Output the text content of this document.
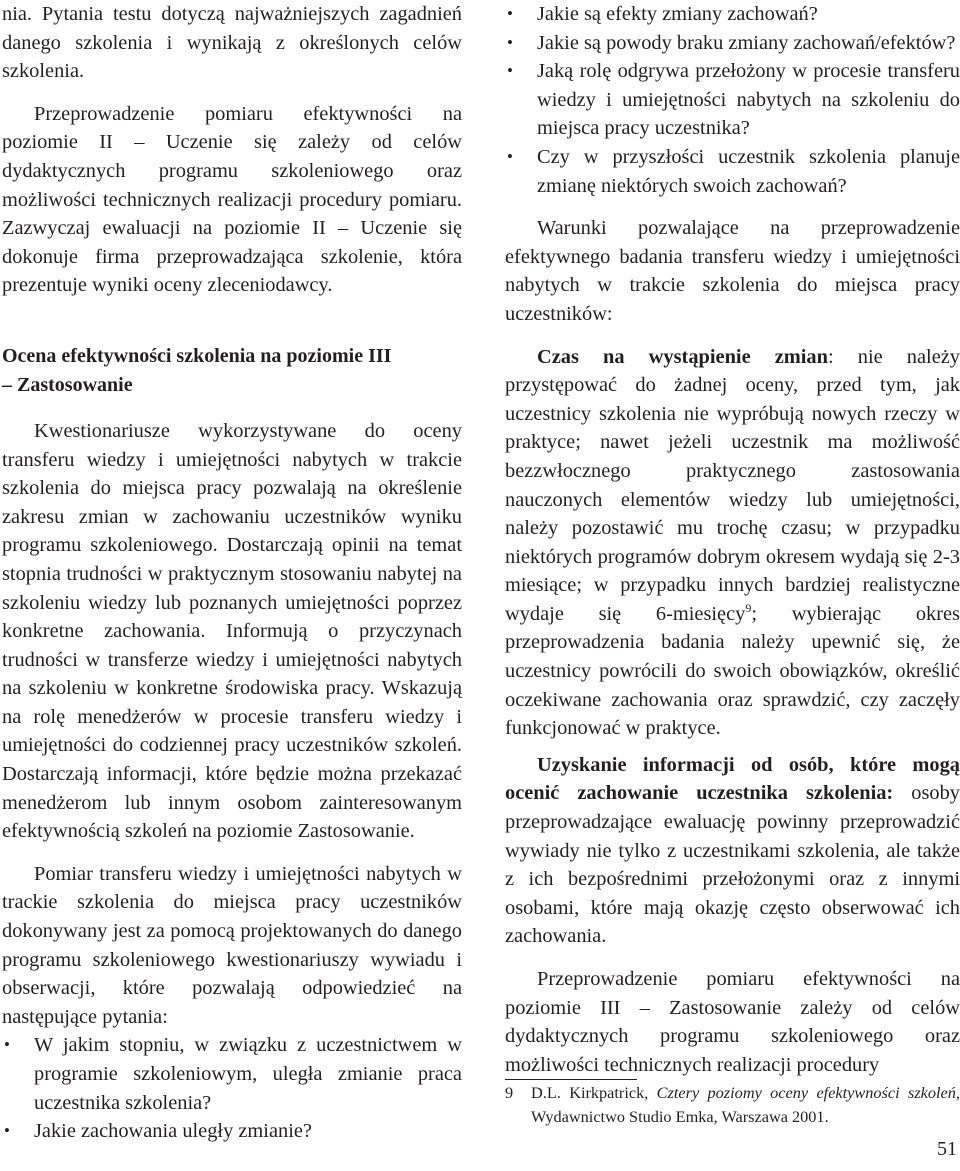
nia. Pytania testu dotyczą najważniejszych zagadnień danego szkolenia i wynikają z określonych celów szkolenia.

Przeprowadzenie pomiaru efektywności na poziomie II – Uczenie się zależy od celów dydaktycznych programu szkoleniowego oraz możliwości technicznych realizacji procedury pomiaru. Zazwyczaj ewaluacji na poziomie II – Uczenie się dokonuje firma przeprowadzająca szkolenie, która prezentuje wyniki oceny zleceniodawcy.

Ocena efektywności szkolenia na poziomie III
– Zastosowanie

Kwestionariusze wykorzystywane do oceny transferu wiedzy i umiejętności nabytych w trakcie szkolenia do miejsca pracy pozwalają na określenie zakresu zmian w zachowaniu uczestników wyniku programu szkoleniowego. Dostarczają opinii na temat stopnia trudności w praktycznym stosowaniu nabytej na szkoleniu wiedzy lub poznanych umiejętności poprzez konkretne zachowania. Informują o przyczynach trudności w transferze wiedzy i umiejętności nabytych na szkoleniu w konkretne środowiska pracy. Wskazują na rolę menedżerów w procesie transferu wiedzy i umiejętności do codziennej pracy uczestników szkoleń. Dostarczają informacji, które będzie można przekazać menedżerom lub innym osobom zainteresowanym efektywnością szkoleń na poziomie Zastosowanie.

Pomiar transferu wiedzy i umiejętności nabytych w trackie szkolenia do miejsca pracy uczestników dokonywany jest za pomocą projektowanych do danego programu szkoleniowego kwestionariuszy wywiadu i obserwacji, które pozwalają odpowiedzieć na następujące pytania:

• W jakim stopniu, w związku z uczestnictwem w programie szkoleniowym, uległa zmianie praca uczestnika szkolenia?
• Jakie zachowania uległy zmianie?
• Jakie są efekty zmiany zachowań?
• Jakie są powody braku zmiany zachowań/efektów?
• Jaką rolę odgrywa przełożony w procesie transferu wiedzy i umiejętności nabytych na szkoleniu do miejsca pracy uczestnika?
• Czy w przyszłości uczestnik szkolenia planuje zmianę niektórych swoich zachowań?

Warunki pozwalające na przeprowadzenie efektywnego badania transferu wiedzy i umiejętności nabytych w trakcie szkolenia do miejsca pracy uczestników:

Czas na wystąpienie zmian: nie należy przystępować do żadnej oceny, przed tym, jak uczestnicy szkolenia nie wypróbują nowych rzeczy w praktyce; nawet jeżeli uczestnik ma możliwość bezzwłocznego praktycznego zastosowania nauczonych elementów wiedzy lub umiejętności, należy pozostawić mu trochę czasu; w przypadku niektórych programów dobrym okresem wydają się 2-3 miesiące; w przypadku innych bardziej realistyczne wydaje się 6-miesięcy$^9$; wybierając okres przeprowadzenia badania należy upewnić się, że uczestnicy powrócili do swoich obowiązków, określić oczekiwane zachowania oraz sprawdzić, czy zaczęły funkcjonować w praktyce.

Uzyskanie informacji od osób, które mogą ocenić zachowanie uczestnika szkolenia: osoby przeprowadzające ewaluację powinny przeprowadzić wywiady nie tylko z uczestnikami szkolenia, ale także z ich bezpośrednimi przełożonymi oraz z innymi osobami, które mają okazję często obserwować ich zachowania.

Przeprowadzenie pomiaru efektywności na poziomie III – Zastosowanie zależy od celów dydaktycznych programu szkoleniowego oraz możliwości technicznych realizacji procedury

9	D.L. Kirkpatrick, Cztery poziomy oceny efektywności szkoleń, Wydawnictwo Studio Emka, Warszawa 2001.
51
